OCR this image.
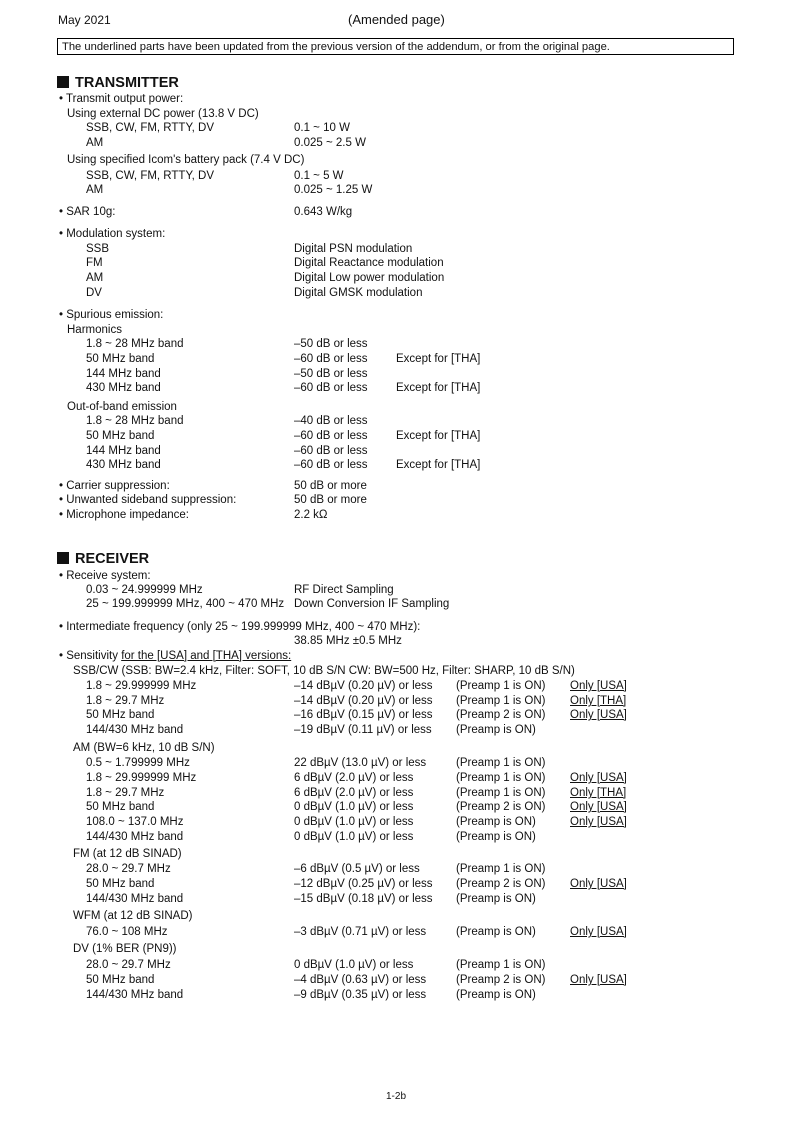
May 2021	(Amended page)
The underlined parts have been updated from the previous version of the addendum, or from the original page.
TRANSMITTER
• Transmit output power:
Using external DC power (13.8 V DC)
SSB, CW, FM, RTTY, DV	0.1 ~ 10 W
AM	0.025 ~ 2.5 W
Using specified Icom's battery pack (7.4 V DC)
SSB, CW, FM, RTTY, DV	0.1 ~ 5 W
AM	0.025 ~ 1.25 W
• SAR 10g:	0.643 W/kg
• Modulation system:
SSB	Digital PSN modulation
FM	Digital Reactance modulation
AM	Digital Low power modulation
DV	Digital GMSK modulation
• Spurious emission:
Harmonics
1.8 ~ 28 MHz band	–50 dB or less
50 MHz band	–60 dB or less Except for [THA]
144 MHz band	–50 dB or less
430 MHz band	–60 dB or less Except for [THA]
Out-of-band emission
1.8 ~ 28 MHz band	–40 dB or less
50 MHz band	–60 dB or less Except for [THA]
144 MHz band	–60 dB or less
430 MHz band	–60 dB or less Except for [THA]
• Carrier suppression:	50 dB or more
• Unwanted sideband suppression:	50 dB or more
• Microphone impedance:	2.2 kΩ
RECEIVER
• Receive system:
0.03 ~ 24.999999 MHz	RF Direct Sampling
25 ~ 199.999999 MHz, 400 ~ 470 MHz Down Conversion IF Sampling
• Intermediate frequency (only 25 ~ 199.999999 MHz, 400 ~ 470 MHz):
38.85 MHz ±0.5 MHz
• Sensitivity for the [USA] and [THA] versions:
SSB/CW (SSB: BW=2.4 kHz, Filter: SOFT, 10 dB S/N CW: BW=500 Hz, Filter: SHARP, 10 dB S/N)
1.8 ~ 29.999999 MHz	–14 dBµV (0.20 µV) or less (Preamp 1 is ON) Only [USA]
1.8 ~ 29.7 MHz	–14 dBµV (0.20 µV) or less (Preamp 1 is ON) Only [THA]
50 MHz band	–16 dBµV (0.15 µV) or less (Preamp 2 is ON) Only [USA]
144/430 MHz band	–19 dBµV (0.11 µV) or less (Preamp is ON)
AM (BW=6 kHz, 10 dB S/N)
0.5 ~ 1.799999 MHz	22 dBµV (13.0 µV) or less	(Preamp 1 is ON)
1.8 ~ 29.999999 MHz	6 dBµV (2.0 µV) or less	(Preamp 1 is ON) Only [USA]
1.8 ~ 29.7 MHz	6 dBµV (2.0 µV) or less	(Preamp 1 is ON) Only [THA]
50 MHz band	0 dBµV (1.0 µV) or less	(Preamp 2 is ON) Only [USA]
108.0 ~ 137.0 MHz	0 dBµV (1.0 µV) or less	(Preamp is ON)	Only [USA]
144/430 MHz band	0 dBµV (1.0 µV) or less	(Preamp is ON)
FM (at 12 dB SINAD)
28.0 ~ 29.7 MHz	–6 dBµV (0.5 µV) or less	(Preamp 1 is ON)
50 MHz band	–12 dBµV (0.25 µV) or less (Preamp 2 is ON) Only [USA]
144/430 MHz band	–15 dBµV (0.18 µV) or less (Preamp is ON)
WFM (at 12 dB SINAD)
76.0 ~ 108 MHz	–3 dBµV (0.71 µV) or less	(Preamp is ON)	Only [USA]
DV (1% BER (PN9))
28.0 ~ 29.7 MHz	0 dBµV (1.0 µV) or less	(Preamp 1 is ON)
50 MHz band	–4 dBµV (0.63 µV) or less	(Preamp 2 is ON) Only [USA]
144/430 MHz band	–9 dBµV (0.35 µV) or less	(Preamp is ON)
1-2b
